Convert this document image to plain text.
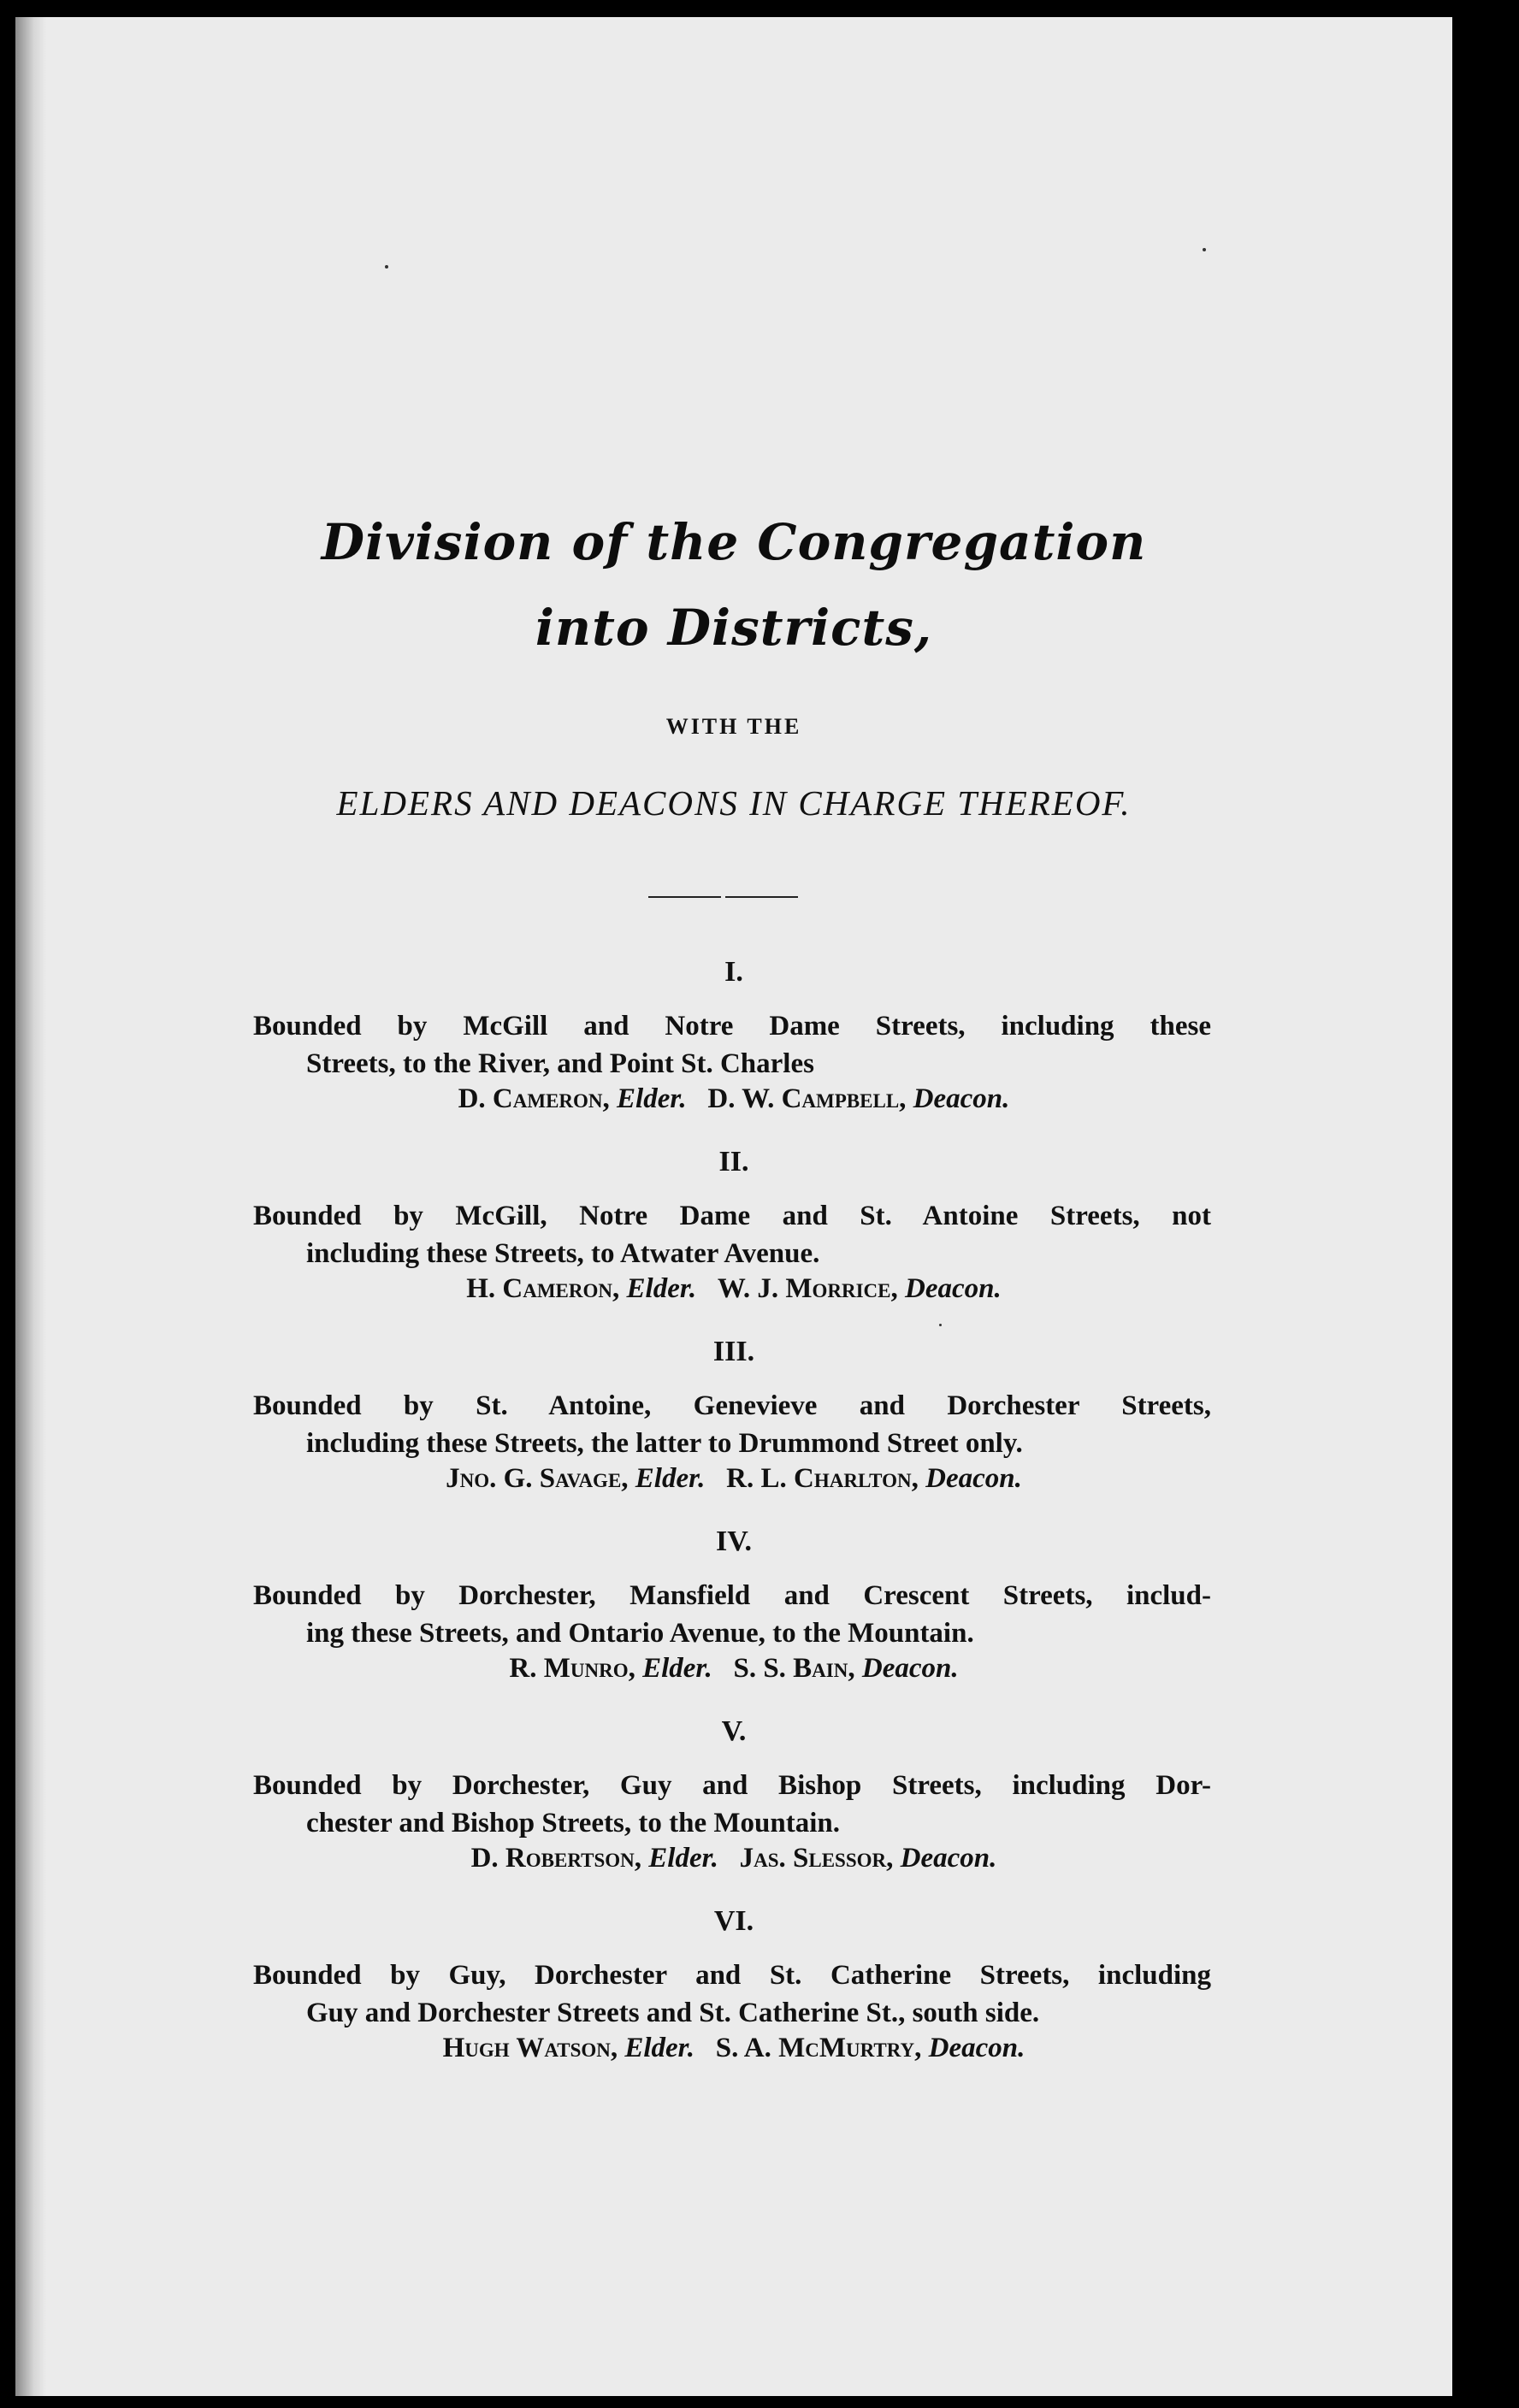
Division of the Congregation
into Districts,
WITH THE
ELDERS AND DEACONS IN CHARGE THEREOF.
I.
Bounded by McGill and Notre Dame Streets, including these
Streets, to the River, and Point St. Charles
D. Cameron, Elder. D. W. Campbell, Deacon.
II.
Bounded by McGill, Notre Dame and St. Antoine Streets, not
including these Streets, to Atwater Avenue.
H. Cameron, Elder. W. J. Morrice, Deacon.
III.
Bounded by St. Antoine, Genevieve and Dorchester Streets,
including these Streets, the latter to Drummond Street only.
Jno. G. Savage, Elder. R. L. Charlton, Deacon.
IV.
Bounded by Dorchester, Mansfield and Crescent Streets, includ-
ing these Streets, and Ontario Avenue, to the Mountain.
R. Munro, Elder. S. S. Bain, Deacon.
V.
Bounded by Dorchester, Guy and Bishop Streets, including Dor-
chester and Bishop Streets, to the Mountain.
D. Robertson, Elder. Jas. Slessor, Deacon.
VI.
Bounded by Guy, Dorchester and St. Catherine Streets, including
Guy and Dorchester Streets and St. Catherine St., south side.
Hugh Watson, Elder. S. A. McMurtry, Deacon.
